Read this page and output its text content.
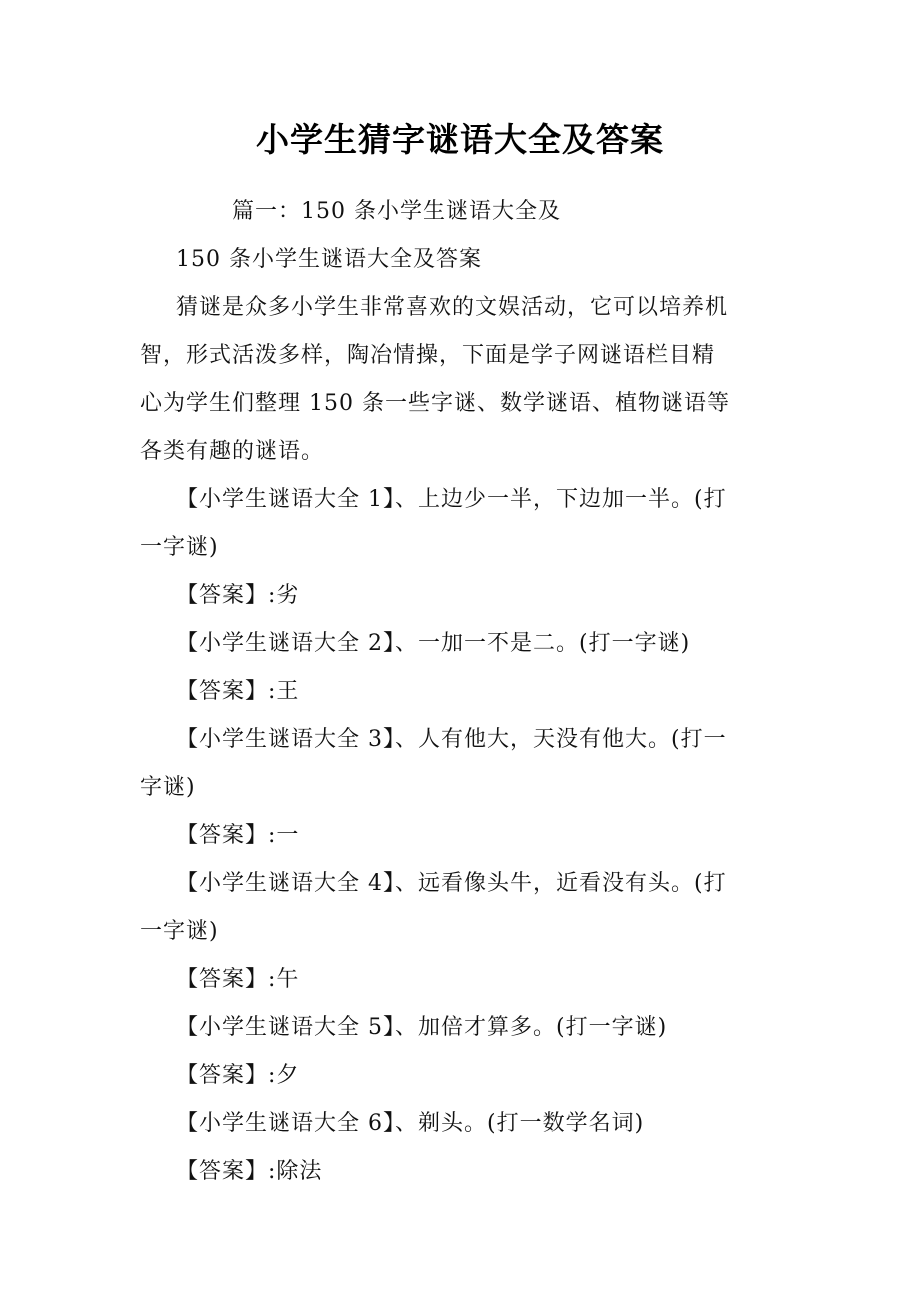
小学生猜字谜语大全及答案
篇一：150 条小学生谜语大全及
150 条小学生谜语大全及答案
猜谜是众多小学生非常喜欢的文娱活动，它可以培养机
智，形式活泼多样，陶冶情操，下面是学子网谜语栏目精
心为学生们整理 150 条一些字谜、数学谜语、植物谜语等
各类有趣的谜语。
【小学生谜语大全 1】、上边少一半，下边加一半。(打
一字谜)
【答案】:劣
【小学生谜语大全 2】、一加一不是二。(打一字谜)
【答案】:王
【小学生谜语大全 3】、人有他大，天没有他大。(打一
字谜)
【答案】:一
【小学生谜语大全 4】、远看像头牛，近看没有头。(打
一字谜)
【答案】:午
【小学生谜语大全 5】、加倍才算多。(打一字谜)
【答案】:夕
【小学生谜语大全 6】、剃头。(打一数学名词)
【答案】:除法
